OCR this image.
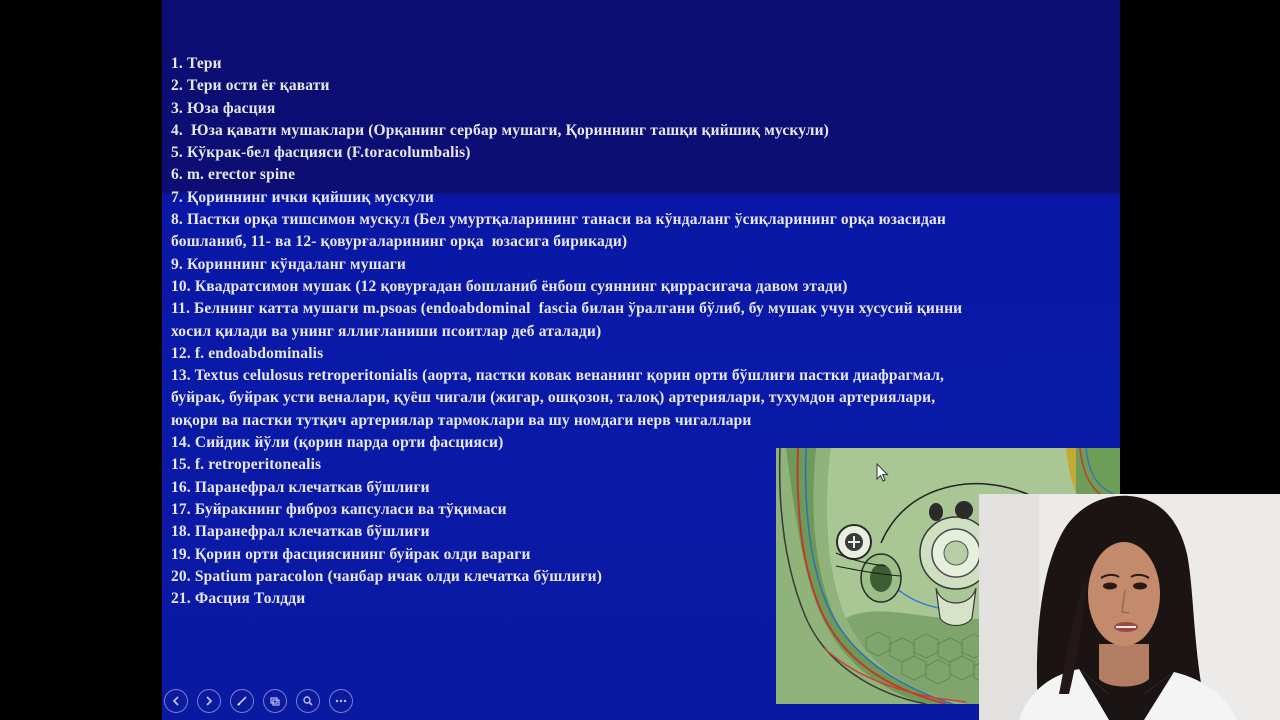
1. Тери
2. Тери ости ёғ қавати
3. Юза фасция
4.  Юза қавати мушаклари (Орқанинг сербар мушаги, Қориннинг ташқи қийшиқ мускули)
5. Кўкрак-бел фасцияси (F.toracolumbalis)
6. m. erector spine
7. Қориннинг ички қийшиқ мускули
8. Пастки орқа тишсимон мускул (Бел умуртқаларининг танаси ва кўндаланг ўсиқларининг орқа юзасидан
бошланиб, 11- ва 12- қовурғаларининг орқа  юзасига бирикади)
9. Кориннинг кўндаланг мушаги
10. Квадратсимон мушак (12 қовурғадан бошланиб ёнбош суяннинг қиррасигача давом этади)
11. Белнинг катта мушаги m.psoas (endoabdominal  fascia билан ўралгани бўлиб, бу мушак учун хусусий қинни
хосил қилади ва унинг яллиғланиши псоитлар деб аталади)
12. f. endoabdominalis
13. Textus celulosus retroperitonialis (аорта, пастки ковак венанинг қорин орти бўшлиғи пастки диафрагмал,
буйрак, буйрак усти веналари, қуёш чигали (жигар, ошқозон, талоқ) артериялари, тухумдон артериялари,
юқори ва пастки тутқич артериялар тармоклари ва шу номдаги нерв чигаллари
14. Сийдик йўли (қорин парда орти фасцияси)
15. f. retroperitonealis
16. Паранефрал клечаткав бўшлиғи
17. Буйракнинг фиброз капсуласи ва тўқимаси
18. Паранефрал клечаткав бўшлиғи
19. Қорин орти фасциясининг буйрак олди вараги
20. Spatium paracolon (чанбар ичак олди клечатка бўшлиғи)
21. Фасция Толдди
